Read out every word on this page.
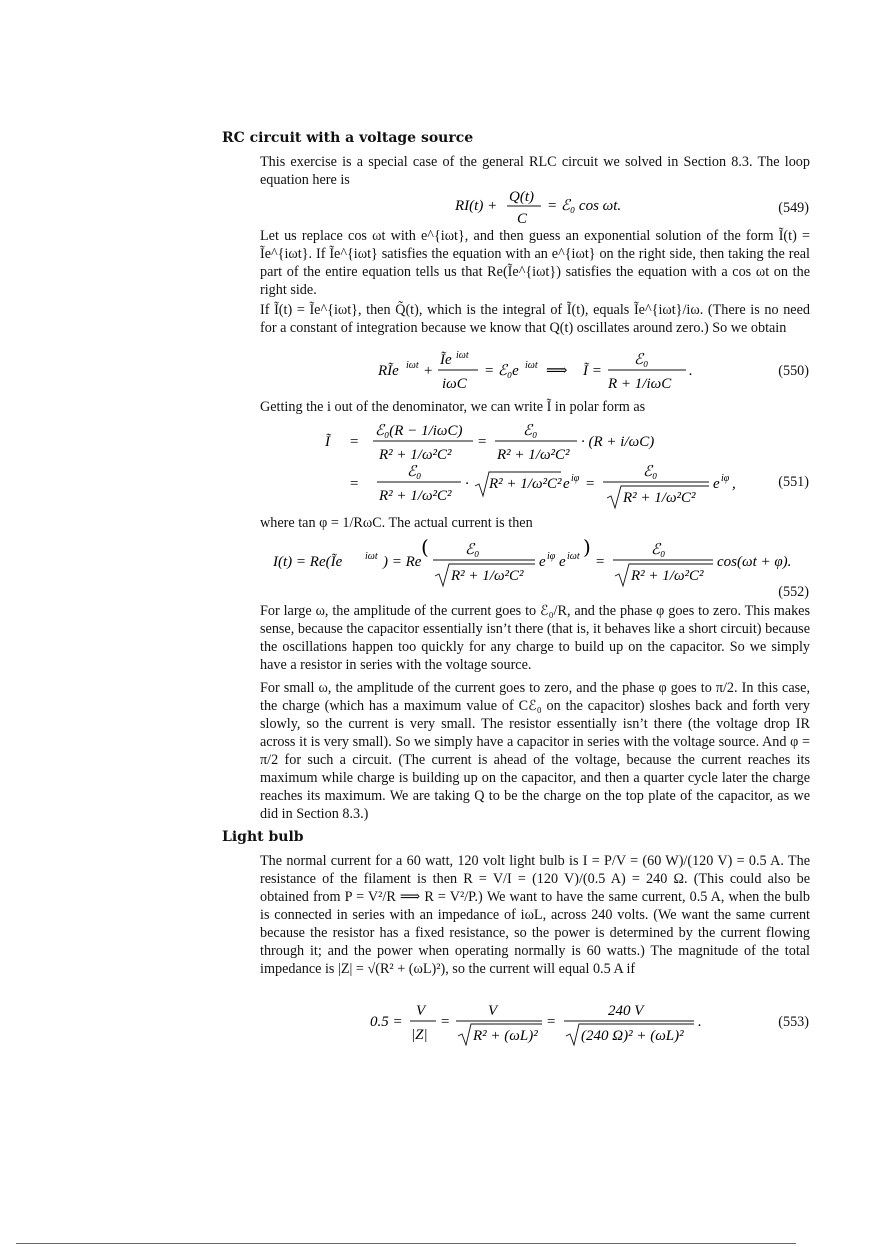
RC circuit with a voltage source

This exercise is a special case of the general RLC circuit we solved in Section 8.3. The loop equation here is

RI(t) +
Q(t)
C
= ℰ₀ cos ωt.	(549)

Let us replace cos ωt with e^{iωt}, and then guess an exponential solution of the form Ĩ(t) = Ĩe^{iωt}. If Ĩe^{iωt} satisfies the equation with an e^{iωt} on the right side, then taking the real part of the entire equation tells us that Re(Ĩe^{iωt}) satisfies the equation with a cos ωt on the right side.

If Ĩ(t) = Ĩe^{iωt}, then Q̃(t), which is the integral of Ĩ(t), equals Ĩe^{iωt}/iω. (There is no need for a constant of integration because we know that Q(t) oscillates around zero.) So we obtain

RĨe iωt +
Ĩe iωt
iωC
= ℰ₀e iωt ⟹ Ĩ =
ℰ₀
R + 1/iωC
.	(550)

Getting the i out of the denominator, we can write Ĩ in polar form as

Ĩ =
ℰ₀(R − 1/iωC)
R² + 1/ω²C²
=
ℰ₀
R² + 1/ω²C²
· (R + i/ωC)
=
ℰ₀
R² + 1/ω²C²
· R² + 1/ω²C² e iφ =
ℰ₀
R² + 1/ω²C²
e iφ ,	(551)

where tan φ = 1/RωC. The actual current is then

I(t) = Re(Ĩe iωt ) = Re
( ℰ₀
R² + 1/ω²C²
e iφ e iωt )
=
ℰ₀
R² + 1/ω²C²
cos(ωt + φ).
(552)

For large ω, the amplitude of the current goes to ℰ₀/R, and the phase φ goes to zero. This makes sense, because the capacitor essentially isn’t there (that is, it behaves like a short circuit) because the oscillations happen too quickly for any charge to build up on the capacitor. So we simply have a resistor in series with the voltage source.

For small ω, the amplitude of the current goes to zero, and the phase φ goes to π/2. In this case, the charge (which has a maximum value of Cℰ₀ on the capacitor) sloshes back and forth very slowly, so the current is very small. The resistor essentially isn’t there (the voltage drop IR across it is very small). So we simply have a capacitor in series with the voltage source. And φ = π/2 for such a circuit. (The current is ahead of the voltage, because the current reaches its maximum while charge is building up on the capacitor, and then a quarter cycle later the charge reaches its maximum. We are taking Q to be the charge on the top plate of the capacitor, as we did in Section 8.3.)

Light bulb

The normal current for a 60 watt, 120 volt light bulb is I = P/V = (60 W)/(120 V) = 0.5 A. The resistance of the filament is then R = V/I = (120 V)/(0.5 A) = 240 Ω. (This could also be obtained from P = V²/R ⟹ R = V²/P.) We want to have the same current, 0.5 A, when the bulb is connected in series with an impedance of iωL, across 240 volts. (We want the same current because the resistor has a fixed resistance, so the power is determined by the current flowing through it; and the power when operating normally is 60 watts.) The magnitude of the total impedance is |Z| = √(R² + (ωL)²), so the current will equal 0.5 A if

0.5 =
V
|Z|
=
V
R² + (ωL)²
=
240 V
(240 Ω)² + (ωL)²
.	(553)
